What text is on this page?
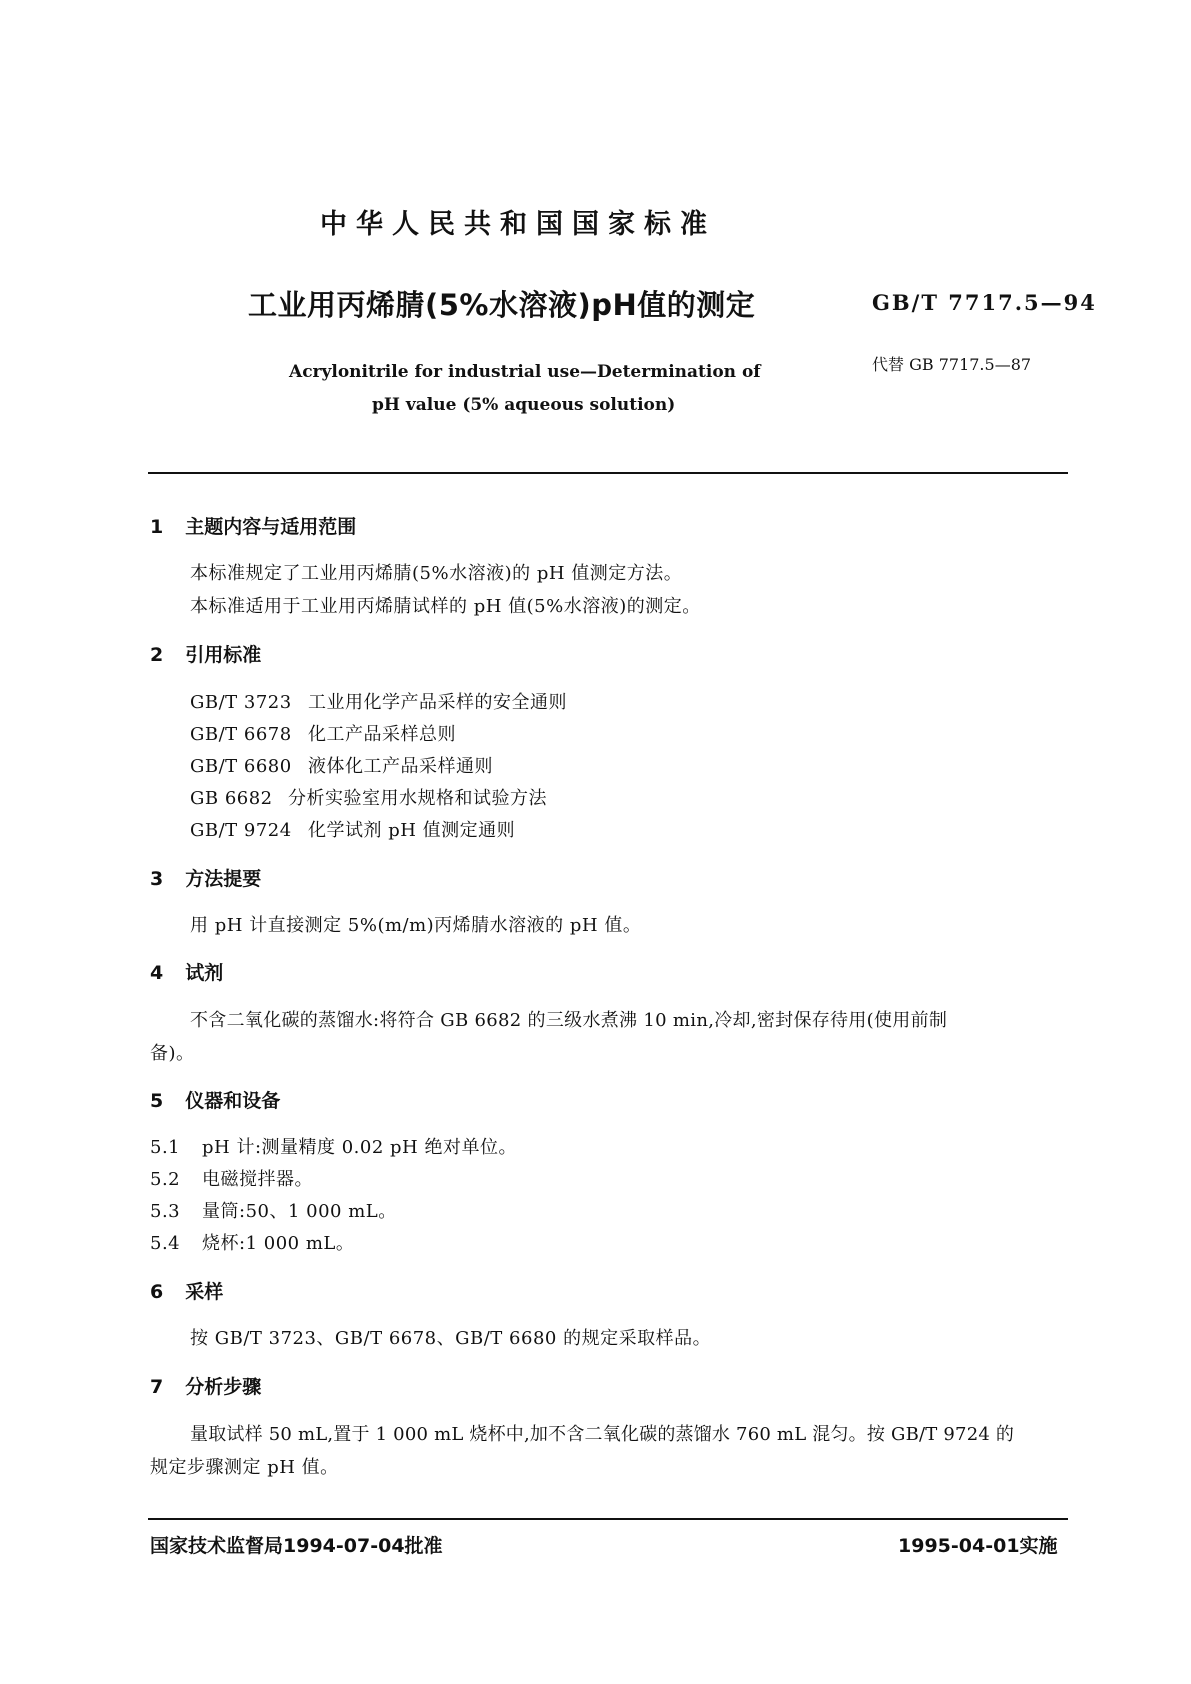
中华人民共和国国家标准
工业用丙烯腈(5%水溶液)pH值的测定	GB/T 7717.5—94
代替 GB 7717.5—87
Acrylonitrile for industrial use—Determination of
pH value (5% aqueous solution)
1 主题内容与适用范围
本标准规定了工业用丙烯腈(5%水溶液)的 pH 值测定方法。
本标准适用于工业用丙烯腈试样的 pH 值(5%水溶液)的测定。
2 引用标准
GB/T 3723 工业用化学产品采样的安全通则
GB/T 6678 化工产品采样总则
GB/T 6680 液体化工产品采样通则
GB 6682 分析实验室用水规格和试验方法
GB/T 9724 化学试剂 pH 值测定通则
3 方法提要
用 pH 计直接测定 5%(m/m)丙烯腈水溶液的 pH 值。
4 试剂
不含二氧化碳的蒸馏水:将符合 GB 6682 的三级水煮沸 10 min,冷却,密封保存待用(使用前制
备)。
5 仪器和设备
5.1 pH 计:测量精度 0.02 pH 绝对单位。
5.2 电磁搅拌器。
5.3 量筒:50、1 000 mL。
5.4 烧杯:1 000 mL。
6 采样
按 GB/T 3723、GB/T 6678、GB/T 6680 的规定采取样品。
7 分析步骤
量取试样 50 mL,置于 1 000 mL 烧杯中,加不含二氧化碳的蒸馏水 760 mL 混匀。按 GB/T 9724 的
规定步骤测定 pH 值。
国家技术监督局1994-07-04批准	1995-04-01实施
